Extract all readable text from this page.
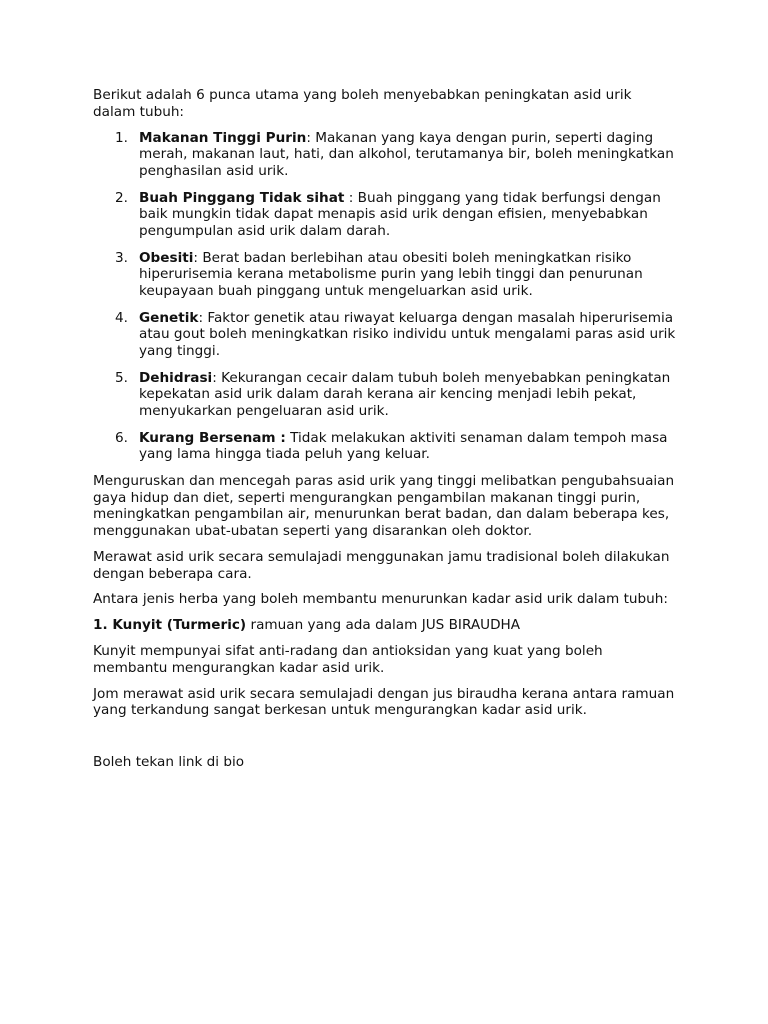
Berikut adalah 6 punca utama yang boleh menyebabkan peningkatan asid urik dalam tubuh:

1. Makanan Tinggi Purin: Makanan yang kaya dengan purin, seperti daging merah, makanan laut, hati, dan alkohol, terutamanya bir, boleh meningkatkan penghasilan asid urik.
2. Buah Pinggang Tidak sihat : Buah pinggang yang tidak berfungsi dengan baik mungkin tidak dapat menapis asid urik dengan efisien, menyebabkan pengumpulan asid urik dalam darah.
3. Obesiti: Berat badan berlebihan atau obesiti boleh meningkatkan risiko hiperurisemia kerana metabolisme purin yang lebih tinggi dan penurunan keupayaan buah pinggang untuk mengeluarkan asid urik.
4. Genetik: Faktor genetik atau riwayat keluarga dengan masalah hiperurisemia atau gout boleh meningkatkan risiko individu untuk mengalami paras asid urik yang tinggi.
5. Dehidrasi: Kekurangan cecair dalam tubuh boleh menyebabkan peningkatan kepekatan asid urik dalam darah kerana air kencing menjadi lebih pekat, menyukarkan pengeluaran asid urik.
6. Kurang Bersenam : Tidak melakukan aktiviti senaman dalam tempoh masa yang lama hingga tiada peluh yang keluar.

Menguruskan dan mencegah paras asid urik yang tinggi melibatkan pengubahsuaian gaya hidup dan diet, seperti mengurangkan pengambilan makanan tinggi purin, meningkatkan pengambilan air, menurunkan berat badan, dan dalam beberapa kes, menggunakan ubat-ubatan seperti yang disarankan oleh doktor.

Merawat asid urik secara semulajadi menggunakan jamu tradisional boleh dilakukan dengan beberapa cara.

Antara jenis herba yang boleh membantu menurunkan kadar asid urik dalam tubuh:

1. Kunyit (Turmeric) ramuan yang ada dalam JUS BIRAUDHA

Kunyit mempunyai sifat anti-radang dan antioksidan yang kuat yang boleh membantu mengurangkan kadar asid urik.

Jom merawat asid urik secara semulajadi dengan jus biraudha kerana antara ramuan yang terkandung sangat berkesan untuk mengurangkan kadar asid urik.

Boleh tekan link di bio
